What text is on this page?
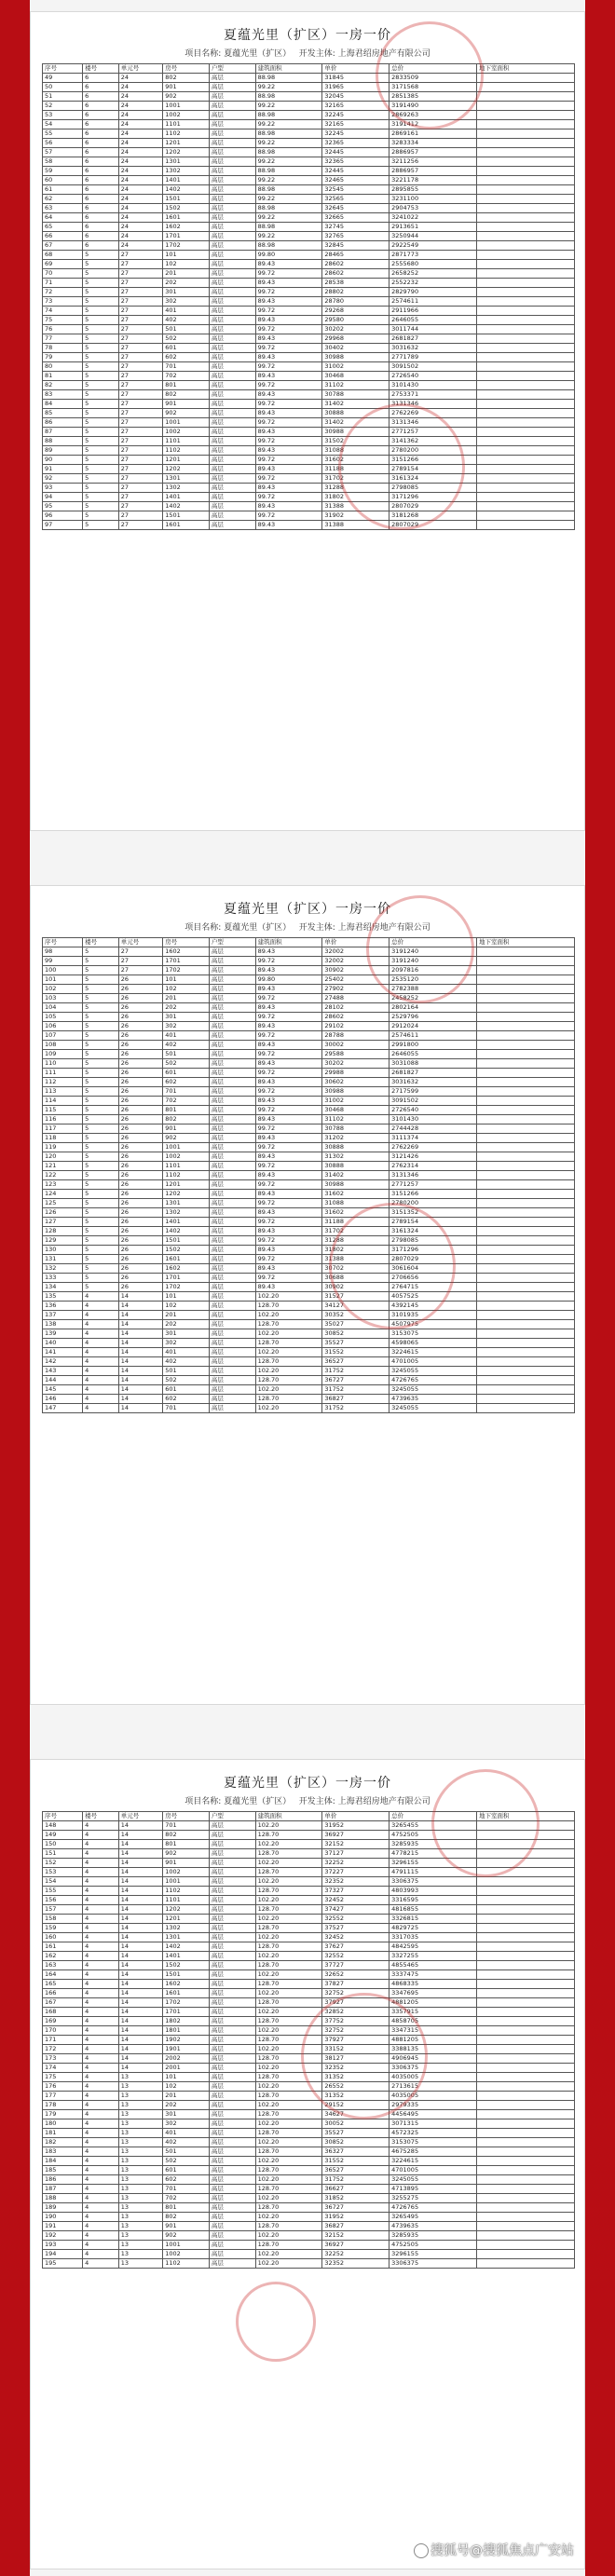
夏蕴光里（扩区）一房一价
项目名称: 夏蕴光里（扩区） 开发主体: 上海君绍房地产有限公司
序号	楼号	单元号	房号	户型	建筑面积	单价	总价	地下室面积
49	6	24	802	高层	88.98	31845	2833509	
50	6	24	901	高层	99.22	31965	3171568	
51	6	24	902	高层	88.98	32045	2851385	
52	6	24	1001	高层	99.22	32165	3191490	
53	6	24	1002	高层	88.98	32245	2869263	
54	6	24	1101	高层	99.22	32165	3191412	
55	6	24	1102	高层	88.98	32245	2869161	
56	6	24	1201	高层	99.22	32365	3283334	
57	6	24	1202	高层	88.98	32445	2886957	
58	6	24	1301	高层	99.22	32365	3211256	
59	6	24	1302	高层	88.98	32445	2886957	
60	6	24	1401	高层	99.22	32465	3221178	
61	6	24	1402	高层	88.98	32545	2895855	
62	6	24	1501	高层	99.22	32565	3231100	
63	6	24	1502	高层	88.98	32645	2904753	
64	6	24	1601	高层	99.22	32665	3241022	
65	6	24	1602	高层	88.98	32745	2913651	
66	6	24	1701	高层	99.22	32765	3250944	
67	6	24	1702	高层	88.98	32845	2922549	
68	5	27	101	高层	99.80	28465	2871773	
69	5	27	102	高层	89.43	28602	2555680	
70	5	27	201	高层	99.72	28602	2658252	
71	5	27	202	高层	89.43	28538	2552232	
72	5	27	301	高层	99.72	28802	2829790	
73	5	27	302	高层	89.43	28780	2574611	
74	5	27	401	高层	99.72	29268	2911966	
75	5	27	402	高层	89.43	29580	2646055	
76	5	27	501	高层	99.72	30202	3011744	
77	5	27	502	高层	89.43	29968	2681827	
78	5	27	601	高层	99.72	30402	3031632	
79	5	27	602	高层	89.43	30988	2771789	
80	5	27	701	高层	99.72	31002	3091502	
81	5	27	702	高层	89.43	30468	2726540	
82	5	27	801	高层	99.72	31102	3101430	
83	5	27	802	高层	89.43	30788	2753371	
84	5	27	901	高层	99.72	31402	3131346	
85	5	27	902	高层	89.43	30888	2762269	
86	5	27	1001	高层	99.72	31402	3131346	
87	5	27	1002	高层	89.43	30988	2771257	
88	5	27	1101	高层	99.72	31502	3141362	
89	5	27	1102	高层	89.43	31088	2780200	
90	5	27	1201	高层	99.72	31602	3151266	
91	5	27	1202	高层	89.43	31188	2789154	
92	5	27	1301	高层	99.72	31702	3161324	
93	5	27	1302	高层	89.43	31288	2798085	
94	5	27	1401	高层	99.72	31802	3171296	
95	5	27	1402	高层	89.43	31388	2807029	
96	5	27	1501	高层	99.72	31902	3181268	
97	5	27	1601	高层	89.43	31388	2807029	
夏蕴光里（扩区）一房一价
项目名称: 夏蕴光里（扩区） 开发主体: 上海君绍房地产有限公司
序号	楼号	单元号	房号	户型	建筑面积	单价	总价	地下室面积
98	5	27	1602	高层	89.43	32002	3191240	
99	5	27	1701	高层	99.72	32002	3191240	
100	5	27	1702	高层	89.43	30902	2097816	
101	5	26	101	高层	99.80	25402	2535120	
102	5	26	102	高层	89.43	27902	2782388	
103	5	26	201	高层	99.72	27488	2458252	
104	5	26	202	高层	89.43	28102	2802164	
105	5	26	301	高层	99.72	28602	2529796	
106	5	26	302	高层	89.43	29102	2912024	
107	5	26	401	高层	99.72	28788	2574611	
108	5	26	402	高层	89.43	30002	2991800	
109	5	26	501	高层	99.72	29588	2646055	
110	5	26	502	高层	89.43	30202	3031088	
111	5	26	601	高层	99.72	29988	2681827	
112	5	26	602	高层	89.43	30602	3031632	
113	5	26	701	高层	99.72	30988	2717599	
114	5	26	702	高层	89.43	31002	3091502	
115	5	26	801	高层	99.72	30468	2726540	
116	5	26	802	高层	89.43	31102	3101430	
117	5	26	901	高层	99.72	30788	2744428	
118	5	26	902	高层	89.43	31202	3111374	
119	5	26	1001	高层	99.72	30888	2762269	
120	5	26	1002	高层	89.43	31302	3121426	
121	5	26	1101	高层	99.72	30888	2762314	
122	5	26	1102	高层	89.43	31402	3131346	
123	5	26	1201	高层	99.72	30988	2771257	
124	5	26	1202	高层	89.43	31602	3151266	
125	5	26	1301	高层	99.72	31088	2780200	
126	5	26	1302	高层	89.43	31602	3151352	
127	5	26	1401	高层	99.72	31188	2789154	
128	5	26	1402	高层	89.43	31702	3161324	
129	5	26	1501	高层	99.72	31288	2798085	
130	5	26	1502	高层	89.43	31802	3171296	
131	5	26	1601	高层	99.72	31388	2807029	
132	5	26	1602	高层	89.43	30702	3061604	
133	5	26	1701	高层	99.72	30688	2706656	
134	5	26	1702	高层	89.43	30902	2764715	
135	4	14	101	高层	102.20	31527	4057525	
136	4	14	102	高层	128.70	34127	4392145	
137	4	14	201	高层	102.20	30352	3101935	
138	4	14	202	高层	128.70	35027	4507975	
139	4	14	301	高层	102.20	30852	3153075	
140	4	14	302	高层	128.70	35527	4598065	
141	4	14	401	高层	102.20	31552	3224615	
142	4	14	402	高层	128.70	36527	4701005	
143	4	14	501	高层	102.20	31752	3245055	
144	4	14	502	高层	128.70	36727	4726765	
145	4	14	601	高层	102.20	31752	3245055	
146	4	14	602	高层	128.70	36827	4739635	
147	4	14	701	高层	102.20	31752	3245055	
夏蕴光里（扩区）一房一价
项目名称: 夏蕴光里（扩区） 开发主体: 上海君绍房地产有限公司
序号	楼号	单元号	房号	户型	建筑面积	单价	总价	地下室面积
148	4	14	701	高层	102.20	31952	3265455	
149	4	14	802	高层	128.70	36927	4752505	
150	4	14	801	高层	102.20	32152	3285935	
151	4	14	902	高层	128.70	37127	4778215	
152	4	14	901	高层	102.20	32252	3296155	
153	4	14	1002	高层	128.70	37227	4791115	
154	4	14	1001	高层	102.20	32352	3306375	
155	4	14	1102	高层	128.70	37327	4803993	
156	4	14	1101	高层	102.20	32452	3316595	
157	4	14	1202	高层	128.70	37427	4816855	
158	4	14	1201	高层	102.20	32552	3326815	
159	4	14	1302	高层	128.70	37527	4829725	
160	4	14	1301	高层	102.20	32452	3317035	
161	4	14	1402	高层	128.70	37627	4842595	
162	4	14	1401	高层	102.20	32552	3327255	
163	4	14	1502	高层	128.70	37727	4855465	
164	4	14	1501	高层	102.20	32652	3337475	
165	4	14	1602	高层	128.70	37827	4868335	
166	4	14	1601	高层	102.20	32752	3347695	
167	4	14	1702	高层	128.70	37927	4881205	
168	4	14	1701	高层	102.20	32852	3357915	
169	4	14	1802	高层	128.70	37752	4858705	
170	4	14	1801	高层	102.20	32752	3347315	
171	4	14	1902	高层	128.70	37927	4881205	
172	4	14	1901	高层	102.20	33152	3388135	
173	4	14	2002	高层	128.70	38127	4906945	
174	4	14	2001	高层	102.20	32352	3306375	
175	4	13	101	高层	128.70	31352	4035005	
176	4	13	102	高层	102.20	26552	2713615	
177	4	13	201	高层	128.70	31352	4035005	
178	4	13	202	高层	102.20	29152	2979335	
179	4	13	301	高层	128.70	34627	4456495	
180	4	13	302	高层	102.20	30052	3071315	
181	4	13	401	高层	128.70	35527	4572325	
182	4	13	402	高层	102.20	30852	3153075	
183	4	13	501	高层	128.70	36327	4675285	
184	4	13	502	高层	102.20	31552	3224615	
185	4	13	601	高层	128.70	36527	4701005	
186	4	13	602	高层	102.20	31752	3245055	
187	4	13	701	高层	128.70	36627	4713895	
188	4	13	702	高层	102.20	31852	3255275	
189	4	13	801	高层	128.70	36727	4726765	
190	4	13	802	高层	102.20	31952	3265495	
191	4	13	901	高层	128.70	36827	4739635	
192	4	13	902	高层	102.20	32152	3285935	
193	4	13	1001	高层	128.70	36927	4752505	
194	4	13	1002	高层	102.20	32252	3296155	
195	4	13	1102	高层	102.20	32352	3306375	
搜狐号@搜狐焦点广安站
